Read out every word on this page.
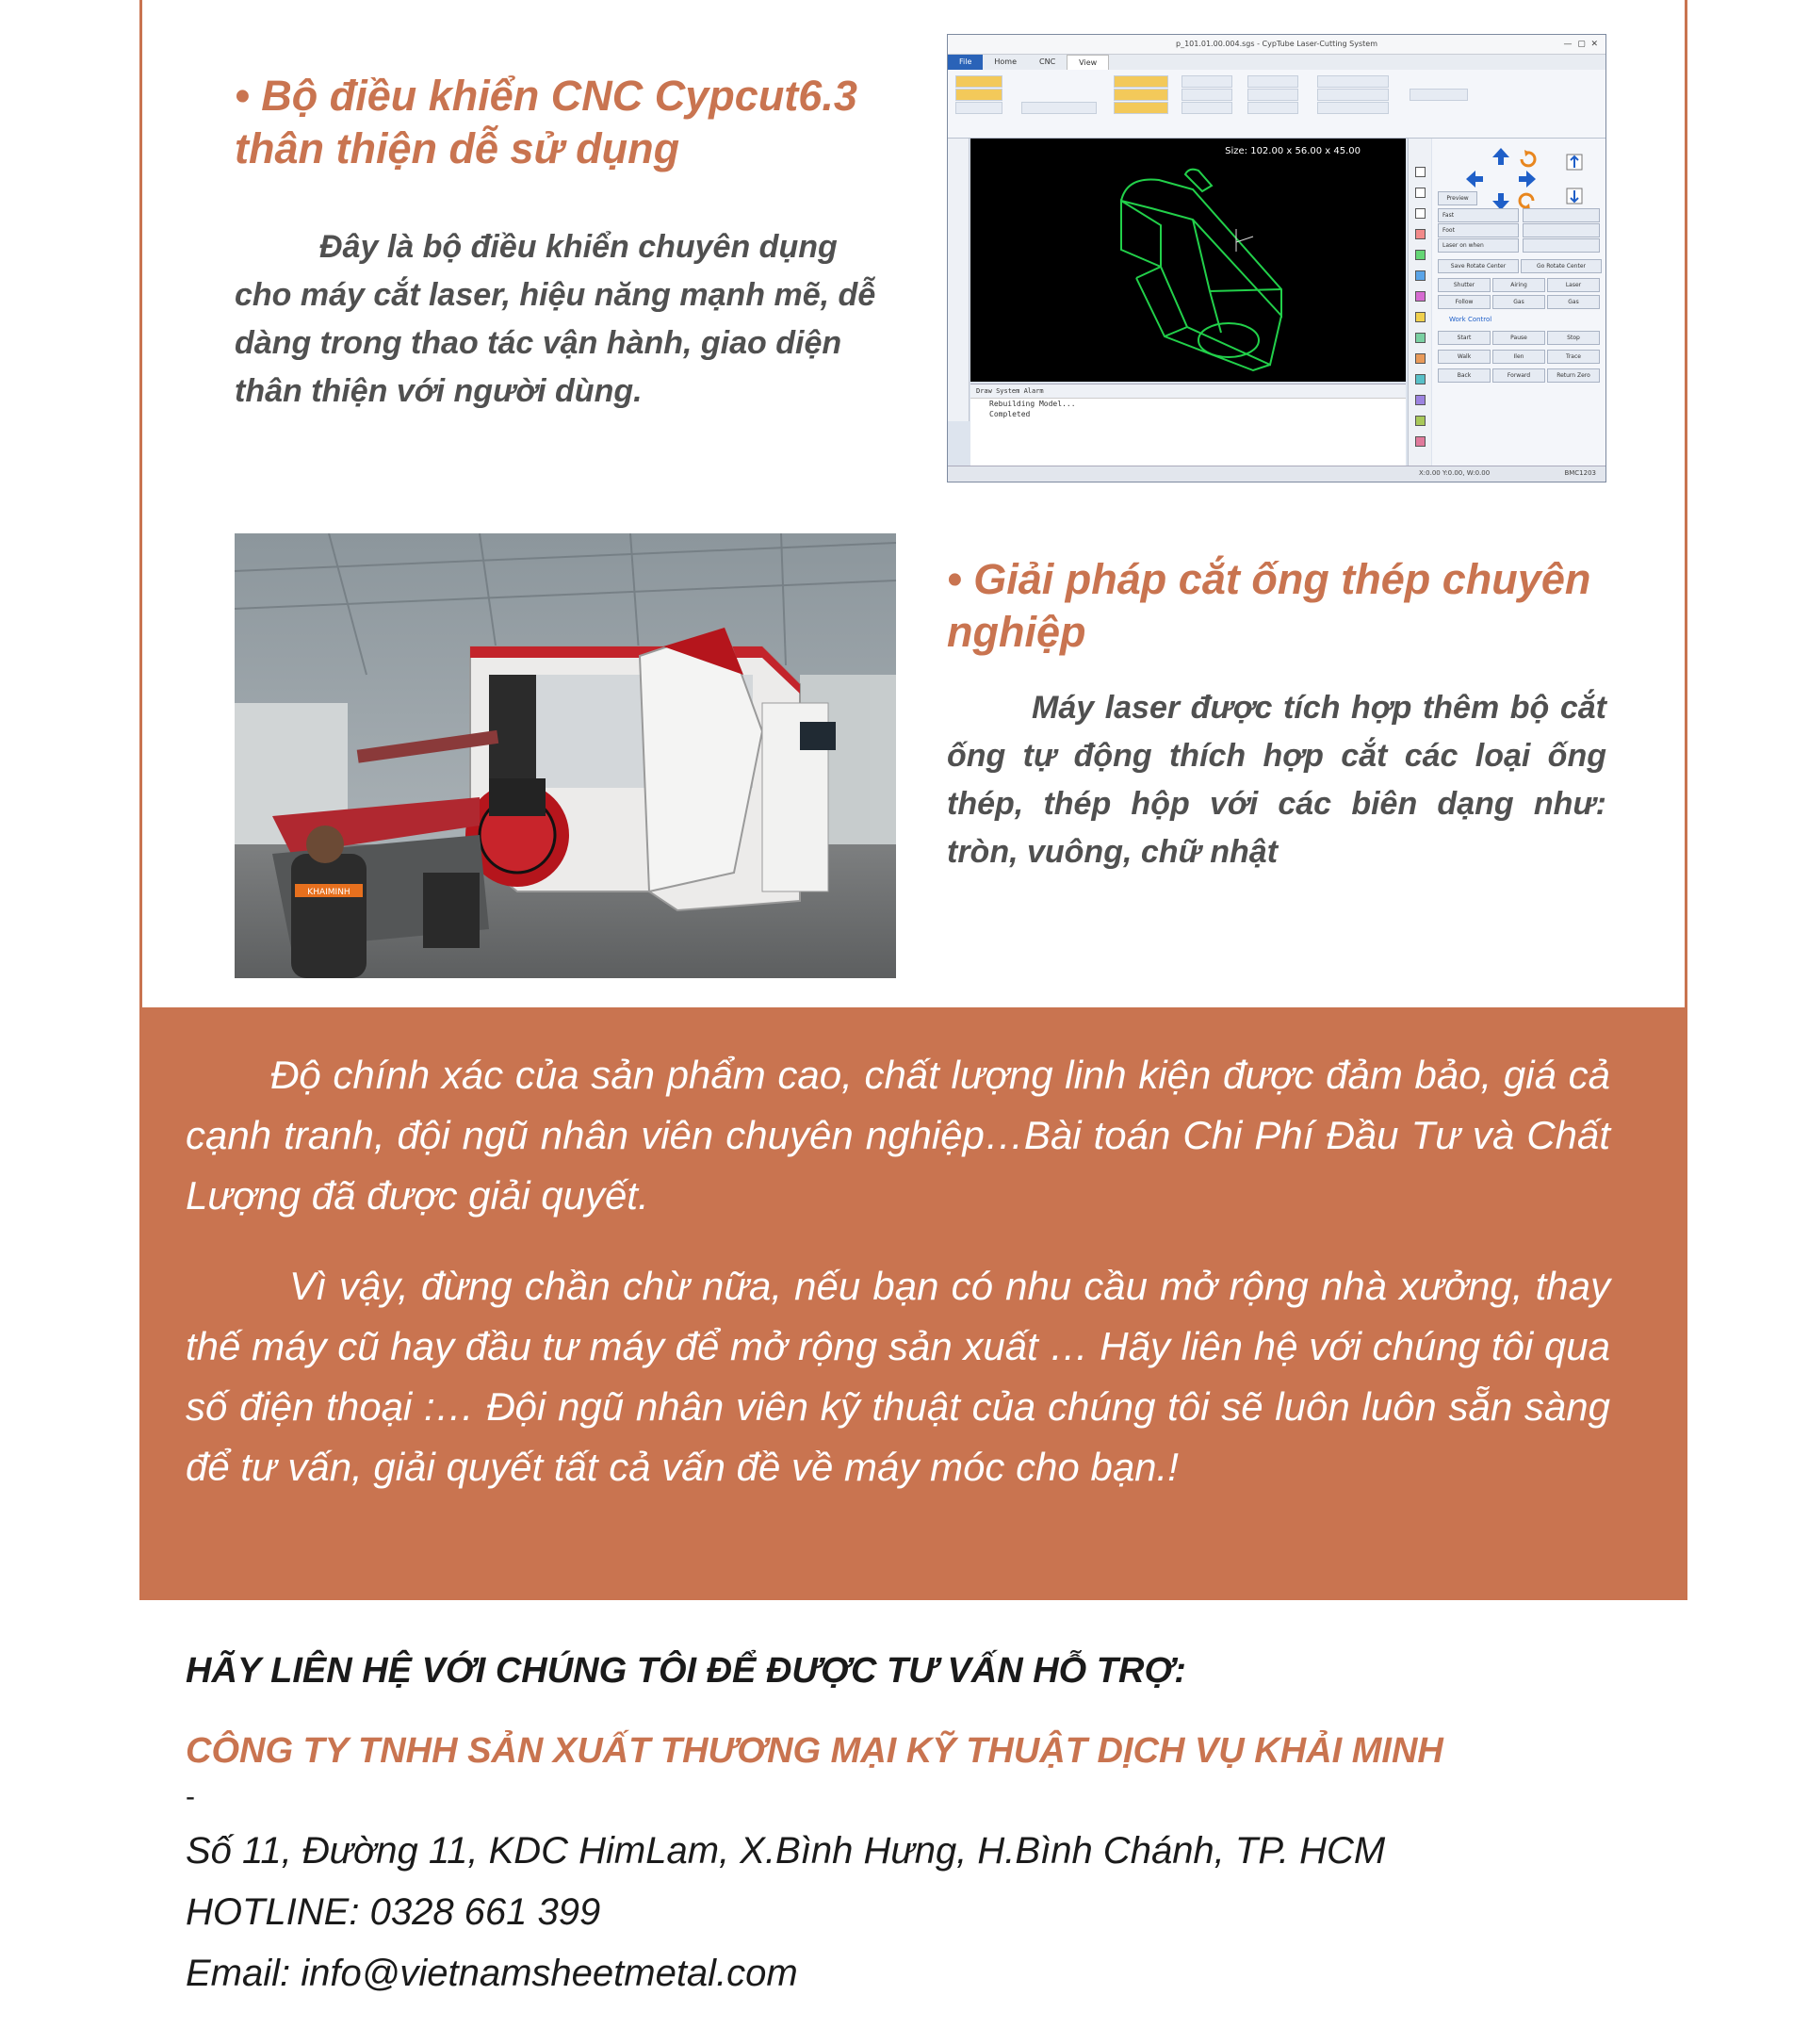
• Bộ điều khiển CNC Cypcut6.3
thân thiện dễ sử dụng

Đây là bộ điều khiển chuyên dụng cho máy cắt laser, hiệu năng mạnh mẽ, dễ dàng trong thao tác vận hành, giao diện thân thiện với người dùng.

p_101.01.00.004.sgs - CypTube Laser-Cutting System	—  ▢  ✕
File	Home	CNC	View
Size: 102.00 x 56.00 x 45.00
Draw System Alarm
Rebuilding Model...
Completed
Preview
Fast
Foot
Laser on when
Save Rotate Center	Go Rotate Center
Shutter	Airing	Laser
Follow	Gas	Gas
Work Control
Start	Pause	Stop
Walk	Ilen	Trace
Back	Forward	Return Zero
X:0.00 Y:0.00, W:0.00	BMC1203
KHAIMINH

• Giải pháp cắt ống thép chuyên
nghiệp

Máy laser được tích hợp thêm bộ cắt ống tự động thích hợp cắt các loại ống thép, thép hộp với các biên dạng như: tròn, vuông, chữ nhật

Độ chính xác của sản phẩm cao, chất lượng linh kiện được đảm bảo, giá cả cạnh tranh, đội ngũ nhân viên chuyên nghiệp…Bài toán Chi Phí Đầu Tư và Chất Lượng đã được giải quyết.

Vì vậy, đừng chần chừ nữa, nếu bạn có nhu cầu mở rộng nhà xưởng, thay thế máy cũ hay đầu tư máy để mở rộng sản xuất … Hãy liên hệ với chúng tôi qua số điện thoại :… Đội ngũ nhân viên kỹ thuật của chúng tôi sẽ luôn luôn sẵn sàng để tư vấn, giải quyết tất cả vấn đề về máy móc cho bạn.!

HÃY LIÊN HỆ VỚI CHÚNG TÔI ĐỂ ĐƯỢC TƯ VẤN HỖ TRỢ:

CÔNG TY TNHH SẢN XUẤT THƯƠNG MẠI KỸ THUẬT DỊCH VỤ KHẢI MINH

-

Số 11, Đường 11, KDC HimLam, X.Bình Hưng, H.Bình Chánh, TP. HCM

HOTLINE: 0328 661 399

Email: info@vietnamsheetmetal.com
